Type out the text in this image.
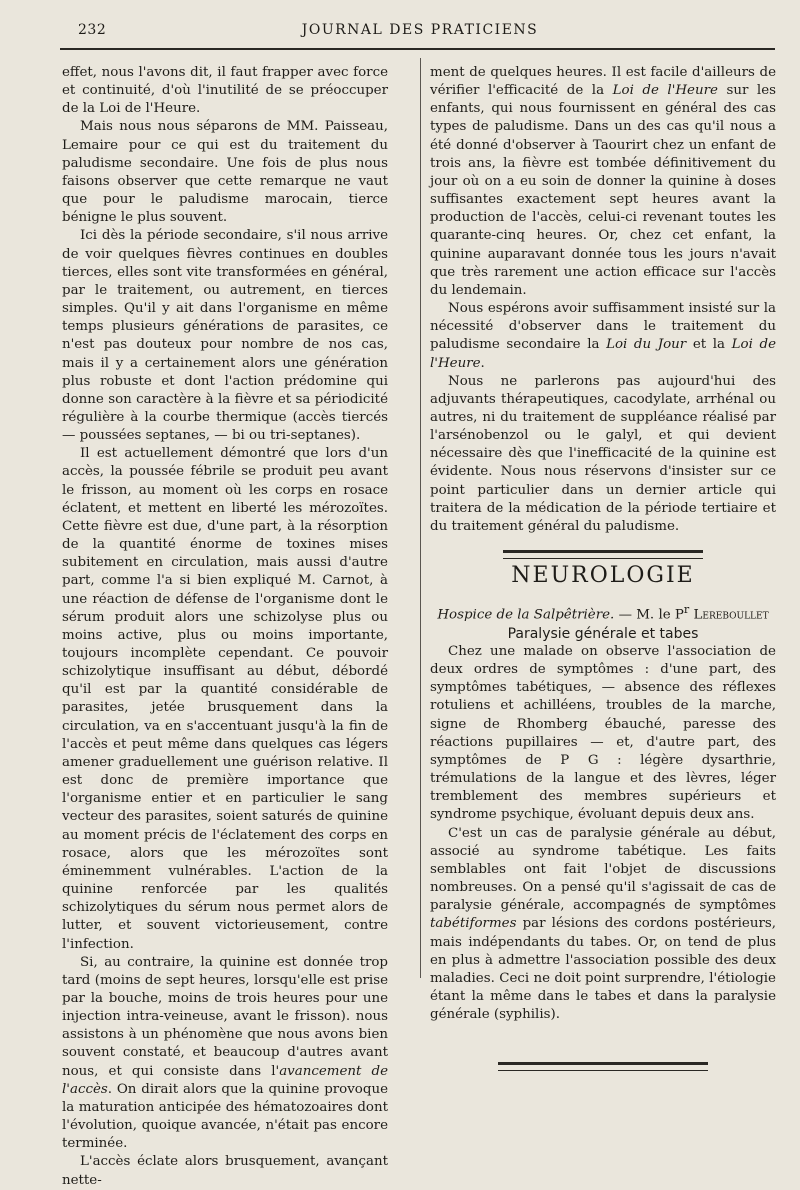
232	JOURNAL DES PRATICIENS

effet, nous l'avons dit, il faut frapper avec force et continuité, d'où l'inutilité de se préoccuper de la Loi de l'Heure.

Mais nous nous séparons de MM. Paisseau, Lemaire pour ce qui est du traitement du paludisme secondaire. Une fois de plus nous faisons observer que cette remarque ne vaut que pour le paludisme marocain, tierce bénigne le plus souvent.

Ici dès la période secondaire, s'il nous arrive de voir quelques fièvres continues en doubles tierces, elles sont vite transformées en général, par le traitement, ou autrement, en tierces simples. Qu'il y ait dans l'organisme en même temps plusieurs générations de parasites, ce n'est pas douteux pour nombre de nos cas, mais il y a certainement alors une génération plus robuste et dont l'action prédomine qui donne son caractère à la fièvre et sa périodicité régulière à la courbe thermique (accès tiercés — poussées septanes, — bi ou tri-septanes).

Il est actuellement démontré que lors d'un accès, la poussée fébrile se produit peu avant le frisson, au moment où les corps en rosace éclatent, et mettent en liberté les mérozoïtes. Cette fièvre est due, d'une part, à la résorption de la quantité énorme de toxines mises subitement en circulation, mais aussi d'autre part, comme l'a si bien expliqué M. Carnot, à une réaction de défense de l'organisme dont le sérum produit alors une schizolyse plus ou moins active, plus ou moins importante, toujours incomplète cependant. Ce pouvoir schizolytique insuffisant au début, débordé qu'il est par la quantité considérable de parasites, jetée brusquement dans la circulation, va en s'accentuant jusqu'à la fin de l'accès et peut même dans quelques cas légers amener graduellement une guérison relative. Il est donc de première importance que l'organisme entier et en particulier le sang vecteur des parasites, soient saturés de quinine au moment précis de l'éclatement des corps en rosace, alors que les mérozoïtes sont éminemment vulnérables. L'action de la quinine renforcée par les qualités schizolytiques du sérum nous permet alors de lutter, et souvent victorieusement, contre l'infection.

Si, au contraire, la quinine est donnée trop tard (moins de sept heures, lorsqu'elle est prise par la bouche, moins de trois heures pour une injection intra-veineuse, avant le frisson). nous assistons à un phénomène que nous avons bien souvent constaté, et beaucoup d'autres avant nous, et qui consiste dans l'avancement de l'accès. On dirait alors que la quinine provoque la maturation anticipée des hématozoaires dont l'évolution, quoique avancée, n'était pas encore terminée.

L'accès éclate alors brusquement, avançant nette-

ment de quelques heures. Il est facile d'ailleurs de vérifier l'efficacité de la Loi de l'Heure sur les enfants, qui nous fournissent en général des cas types de paludisme. Dans un des cas qu'il nous a été donné d'observer à Taourirt chez un enfant de trois ans, la fièvre est tombée définitivement du jour où on a eu soin de donner la quinine à doses suffisantes exactement sept heures avant la production de l'accès, celui-ci revenant toutes les quarante-cinq heures. Or, chez cet enfant, la quinine auparavant donnée tous les jours n'avait que très rarement une action efficace sur l'accès du lendemain.

Nous espérons avoir suffisamment insisté sur la nécessité d'observer dans le traitement du paludisme secondaire la Loi du Jour et la Loi de l'Heure.

Nous ne parlerons pas aujourd'hui des adjuvants thérapeutiques, cacodylate, arrhénal ou autres, ni du traitement de suppléance réalisé par l'arsénobenzol ou le galyl, et qui devient nécessaire dès que l'inefficacité de la quinine est évidente. Nous nous réservons d'insister sur ce point particulier dans un dernier article qui traitera de la médication de la période tertiaire et du traitement général du paludisme.

NEUROLOGIE

Hospice de la Salpêtrière. — M. le $P^r$ Lereboullet

Paralysie générale et tabes

Chez une malade on observe l'association de deux ordres de symptômes : d'une part, des symptômes tabétiques, — absence des réflexes rotuliens et achilléens, troubles de la marche, signe de Rhomberg ébauché, paresse des réactions pupillaires — et, d'autre part, des symptômes de P G : légère dysarthrie, trémulations de la langue et des lèvres, léger tremblement des membres supérieurs et syndrome psychique, évoluant depuis deux ans.

C'est un cas de paralysie générale au début, associé au syndrome tabétique. Les faits semblables ont fait l'objet de discussions nombreuses. On a pensé qu'il s'agissait de cas de paralysie générale, accompagnés de symptômes tabétiformes par lésions des cordons postérieurs, mais indépendants du tabes. Or, on tend de plus en plus à admettre l'association possible des deux maladies. Ceci ne doit point surprendre, l'étiologie étant la même dans le tabes et dans la paralysie générale (syphilis).
